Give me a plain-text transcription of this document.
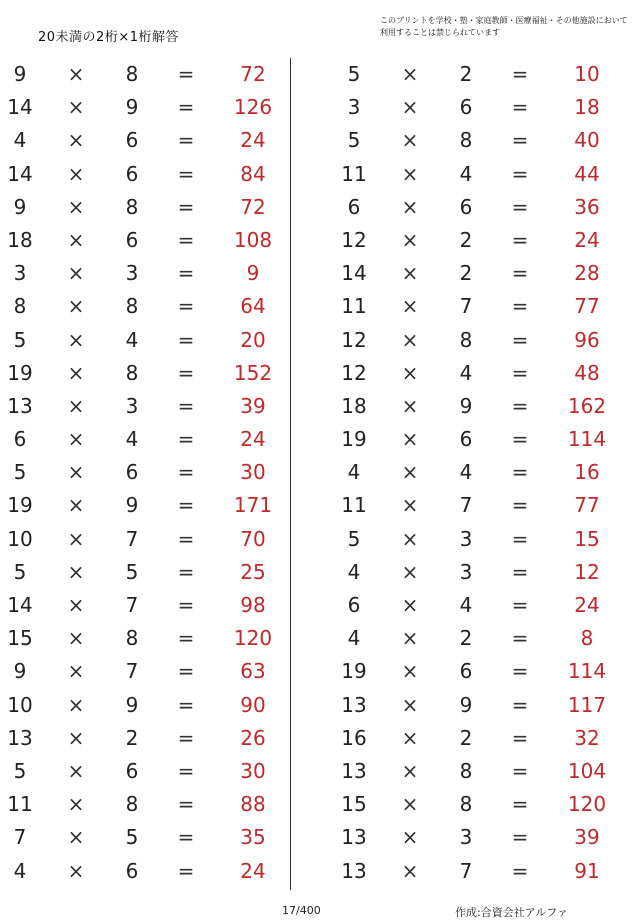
20未満の2桁×1桁解答
このプリントを学校・塾・家庭教師・医療福祉・その他施設において利用することは禁じられています
9	×	8	=	72
14	×	9	=	126
4	×	6	=	24
14	×	6	=	84
9	×	8	=	72
18	×	6	=	108
3	×	3	=	9
8	×	8	=	64
5	×	4	=	20
19	×	8	=	152
13	×	3	=	39
6	×	4	=	24
5	×	6	=	30
19	×	9	=	171
10	×	7	=	70
5	×	5	=	25
14	×	7	=	98
15	×	8	=	120
9	×	7	=	63
10	×	9	=	90
13	×	2	=	26
5	×	6	=	30
11	×	8	=	88
7	×	5	=	35
4	×	6	=	24
5	×	2	=	10
3	×	6	=	18
5	×	8	=	40
11	×	4	=	44
6	×	6	=	36
12	×	2	=	24
14	×	2	=	28
11	×	7	=	77
12	×	8	=	96
12	×	4	=	48
18	×	9	=	162
19	×	6	=	114
4	×	4	=	16
11	×	7	=	77
5	×	3	=	15
4	×	3	=	12
6	×	4	=	24
4	×	2	=	8
19	×	6	=	114
13	×	9	=	117
16	×	2	=	32
13	×	8	=	104
15	×	8	=	120
13	×	3	=	39
13	×	7	=	91
17/400	作成:合資会社アルファ
